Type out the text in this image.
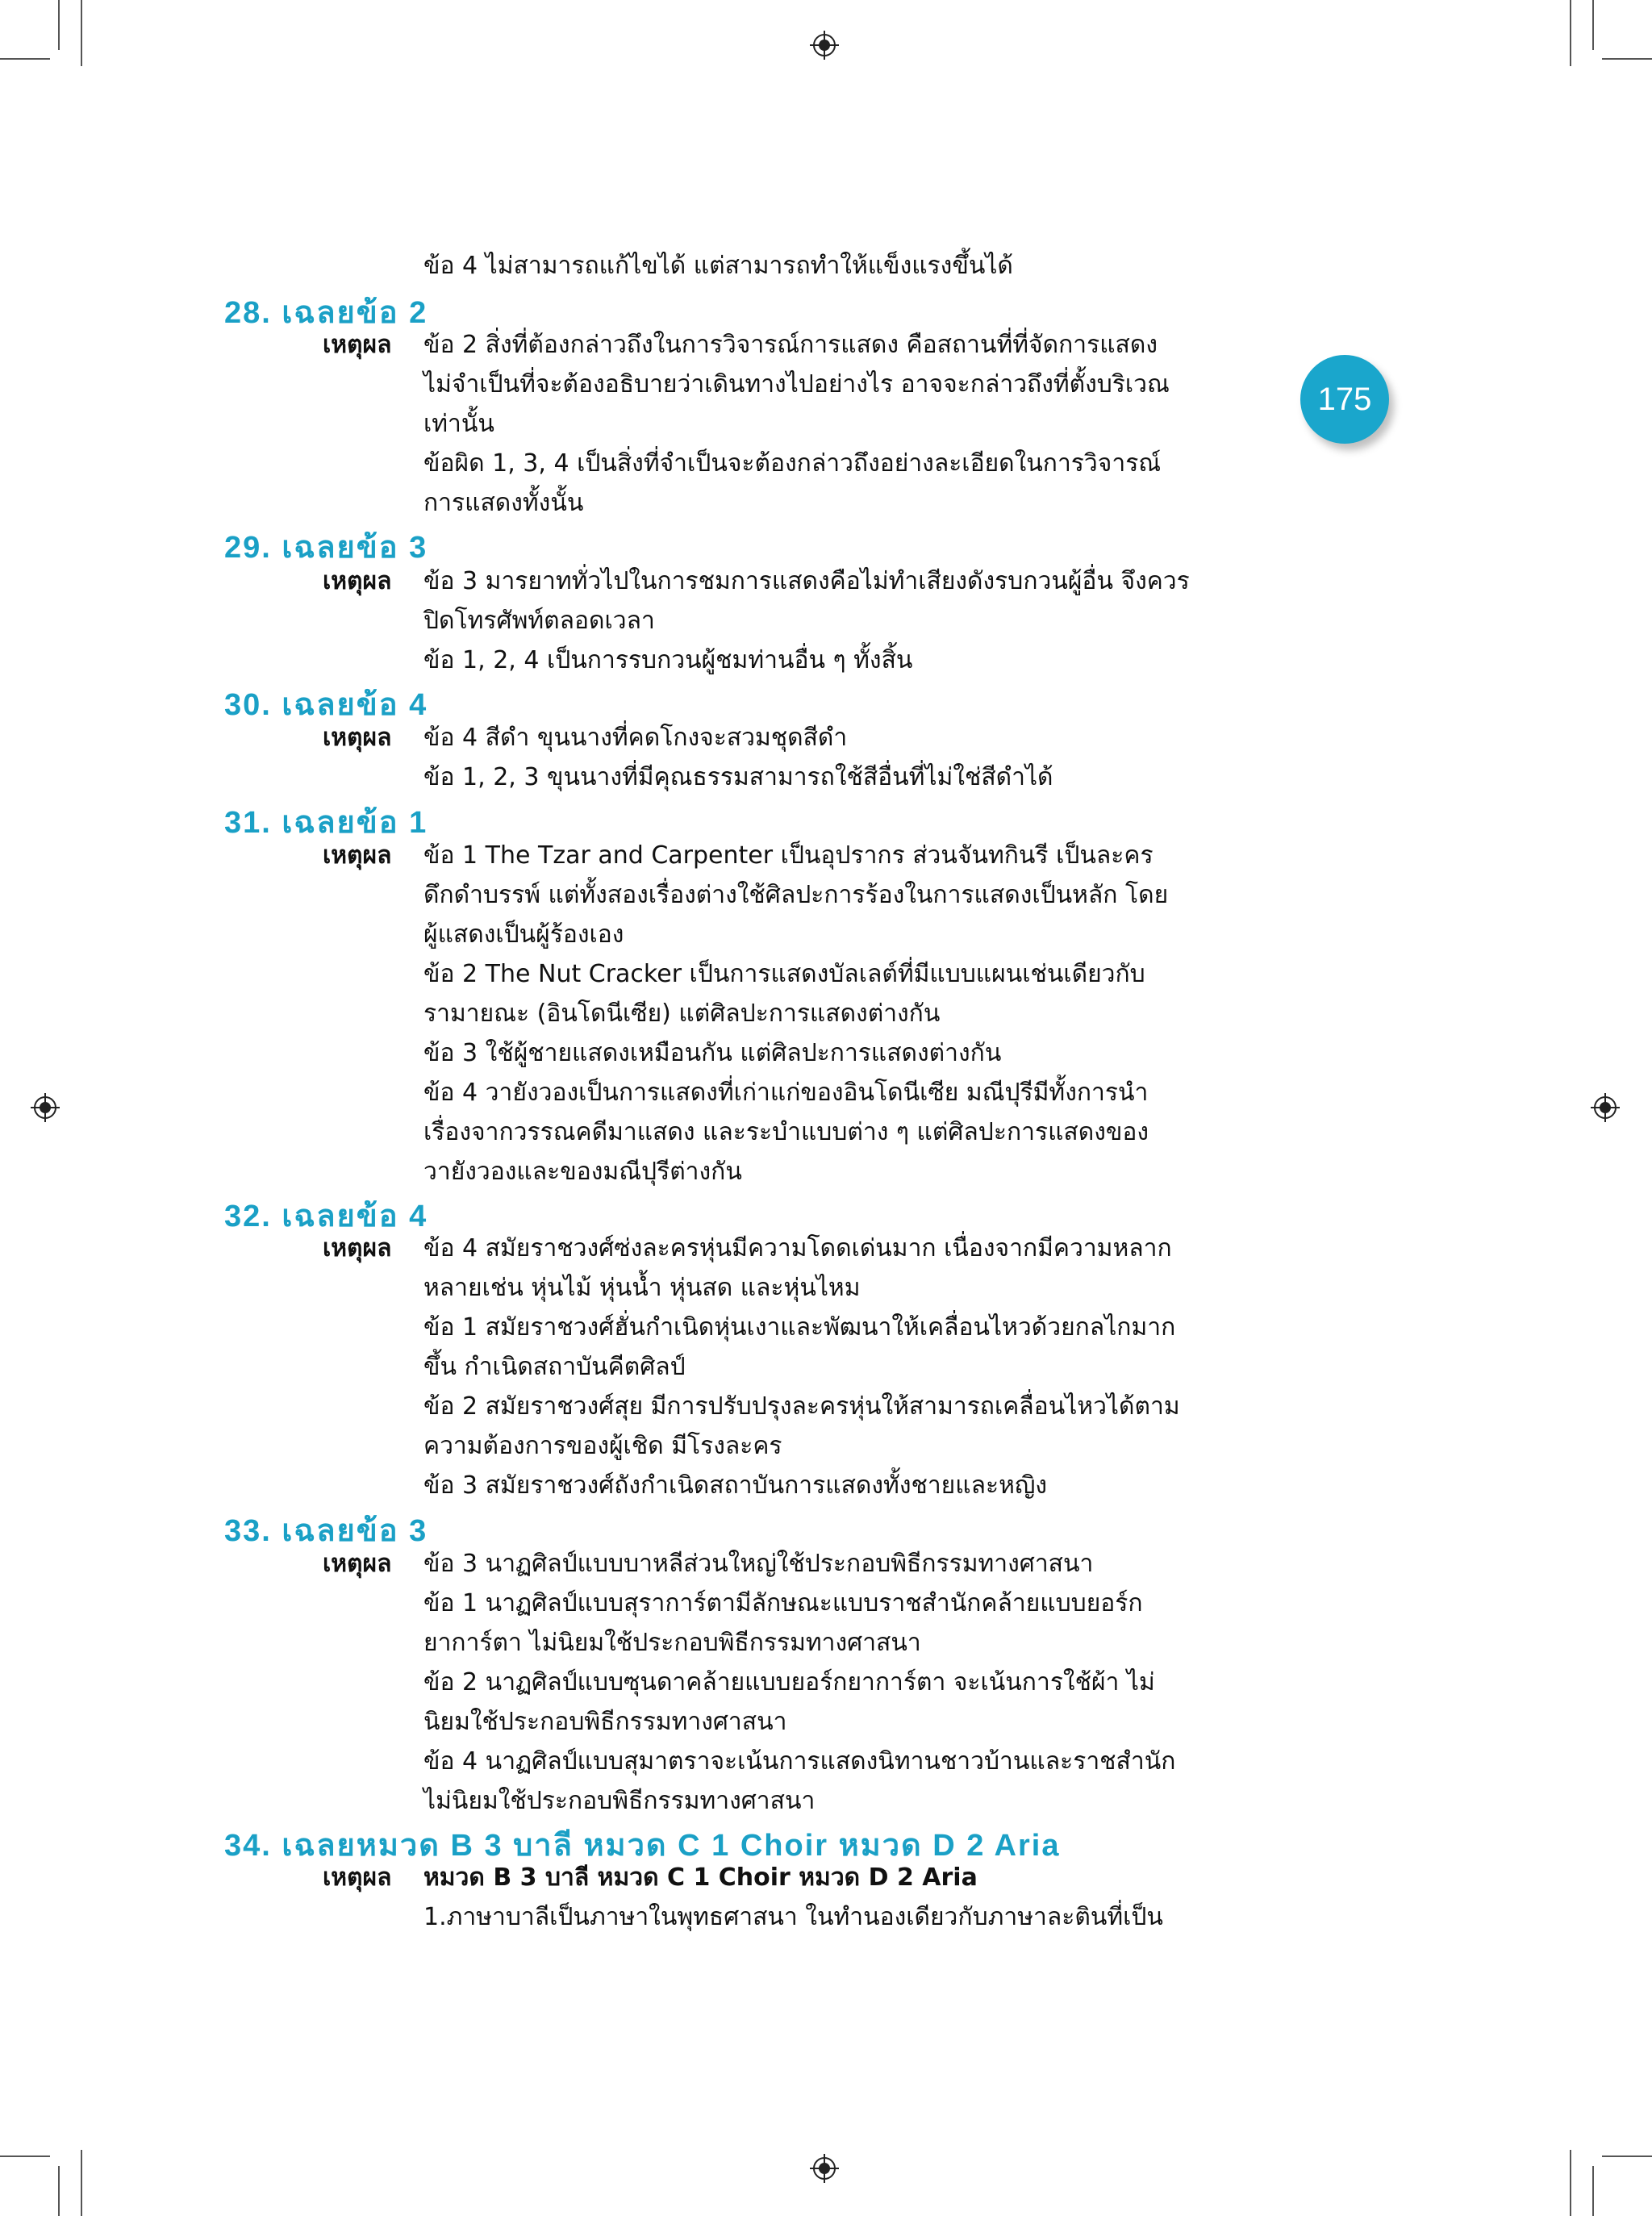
175
ข้อ 4 ไม่สามารถแก้ไขได้ แต่สามารถทำให้แข็งแรงขึ้นได้
28. เฉลยข้อ 2
เหตุผล ข้อ 2 สิ่งที่ต้องกล่าวถึงในการวิจารณ์การแสดง คือสถานที่ที่จัดการแสดง
ไม่จำเป็นที่จะต้องอธิบายว่าเดินทางไปอย่างไร อาจจะกล่าวถึงที่ตั้งบริเวณ
เท่านั้น
ข้อผิด 1, 3, 4 เป็นสิ่งที่จำเป็นจะต้องกล่าวถึงอย่างละเอียดในการวิจารณ์
การแสดงทั้งนั้น
29. เฉลยข้อ 3
เหตุผล ข้อ 3 มารยาททั่วไปในการชมการแสดงคือไม่ทำเสียงดังรบกวนผู้อื่น จึงควร
ปิดโทรศัพท์ตลอดเวลา
ข้อ 1, 2, 4 เป็นการรบกวนผู้ชมท่านอื่น ๆ ทั้งสิ้น
30. เฉลยข้อ 4
เหตุผล ข้อ 4 สีดำ ขุนนางที่คดโกงจะสวมชุดสีดำ
ข้อ 1, 2, 3 ขุนนางที่มีคุณธรรมสามารถใช้สีอื่นที่ไม่ใช่สีดำได้
31. เฉลยข้อ 1
เหตุผล ข้อ 1 The Tzar and Carpenter เป็นอุปรากร ส่วนจันทกินรี เป็นละคร
ดึกดำบรรพ์ แต่ทั้งสองเรื่องต่างใช้ศิลปะการร้องในการแสดงเป็นหลัก โดย
ผู้แสดงเป็นผู้ร้องเอง
ข้อ 2 The Nut Cracker เป็นการแสดงบัลเลต์ที่มีแบบแผนเช่นเดียวกับ
รามายณะ (อินโดนีเซีย) แต่ศิลปะการแสดงต่างกัน
ข้อ 3 ใช้ผู้ชายแสดงเหมือนกัน แต่ศิลปะการแสดงต่างกัน
ข้อ 4 วายังวองเป็นการแสดงที่เก่าแก่ของอินโดนีเซีย มณีปุรีมีทั้งการนำ
เรื่องจากวรรณคดีมาแสดง และระบำแบบต่าง ๆ แต่ศิลปะการแสดงของ
วายังวองและของมณีปุรีต่างกัน
32. เฉลยข้อ 4
เหตุผล ข้อ 4 สมัยราชวงศ์ซ่งละครหุ่นมีความโดดเด่นมาก เนื่องจากมีความหลาก
หลายเช่น หุ่นไม้ หุ่นน้ำ หุ่นสด และหุ่นไหม
ข้อ 1 สมัยราชวงศ์ฮั่นกำเนิดหุ่นเงาและพัฒนาให้เคลื่อนไหวด้วยกลไกมาก
ขึ้น กำเนิดสถาบันคีตศิลป์
ข้อ 2 สมัยราชวงศ์สุย มีการปรับปรุงละครหุ่นให้สามารถเคลื่อนไหวได้ตาม
ความต้องการของผู้เชิด มีโรงละคร
ข้อ 3 สมัยราชวงศ์ถังกำเนิดสถาบันการแสดงทั้งชายและหญิง
33. เฉลยข้อ 3
เหตุผล ข้อ 3 นาฏศิลป์แบบบาหลีส่วนใหญ่ใช้ประกอบพิธีกรรมทางศาสนา
ข้อ 1 นาฏศิลป์แบบสุราการ์ตามีลักษณะแบบราชสำนักคล้ายแบบยอร์ก
ยาการ์ตา ไม่นิยมใช้ประกอบพิธีกรรมทางศาสนา
ข้อ 2 นาฏศิลป์แบบซุนดาคล้ายแบบยอร์กยาการ์ตา จะเน้นการใช้ผ้า ไม่
นิยมใช้ประกอบพิธีกรรมทางศาสนา
ข้อ 4 นาฏศิลป์แบบสุมาตราจะเน้นการแสดงนิทานชาวบ้านและราชสำนัก
ไม่นิยมใช้ประกอบพิธีกรรมทางศาสนา
34. เฉลยหมวด B 3 บาลี หมวด C 1 Choir หมวด D 2 Aria
เหตุผล หมวด B 3 บาลี หมวด C 1 Choir หมวด D 2 Aria
1.ภาษาบาลีเป็นภาษาในพุทธศาสนา ในทำนองเดียวกับภาษาละตินที่เป็น
